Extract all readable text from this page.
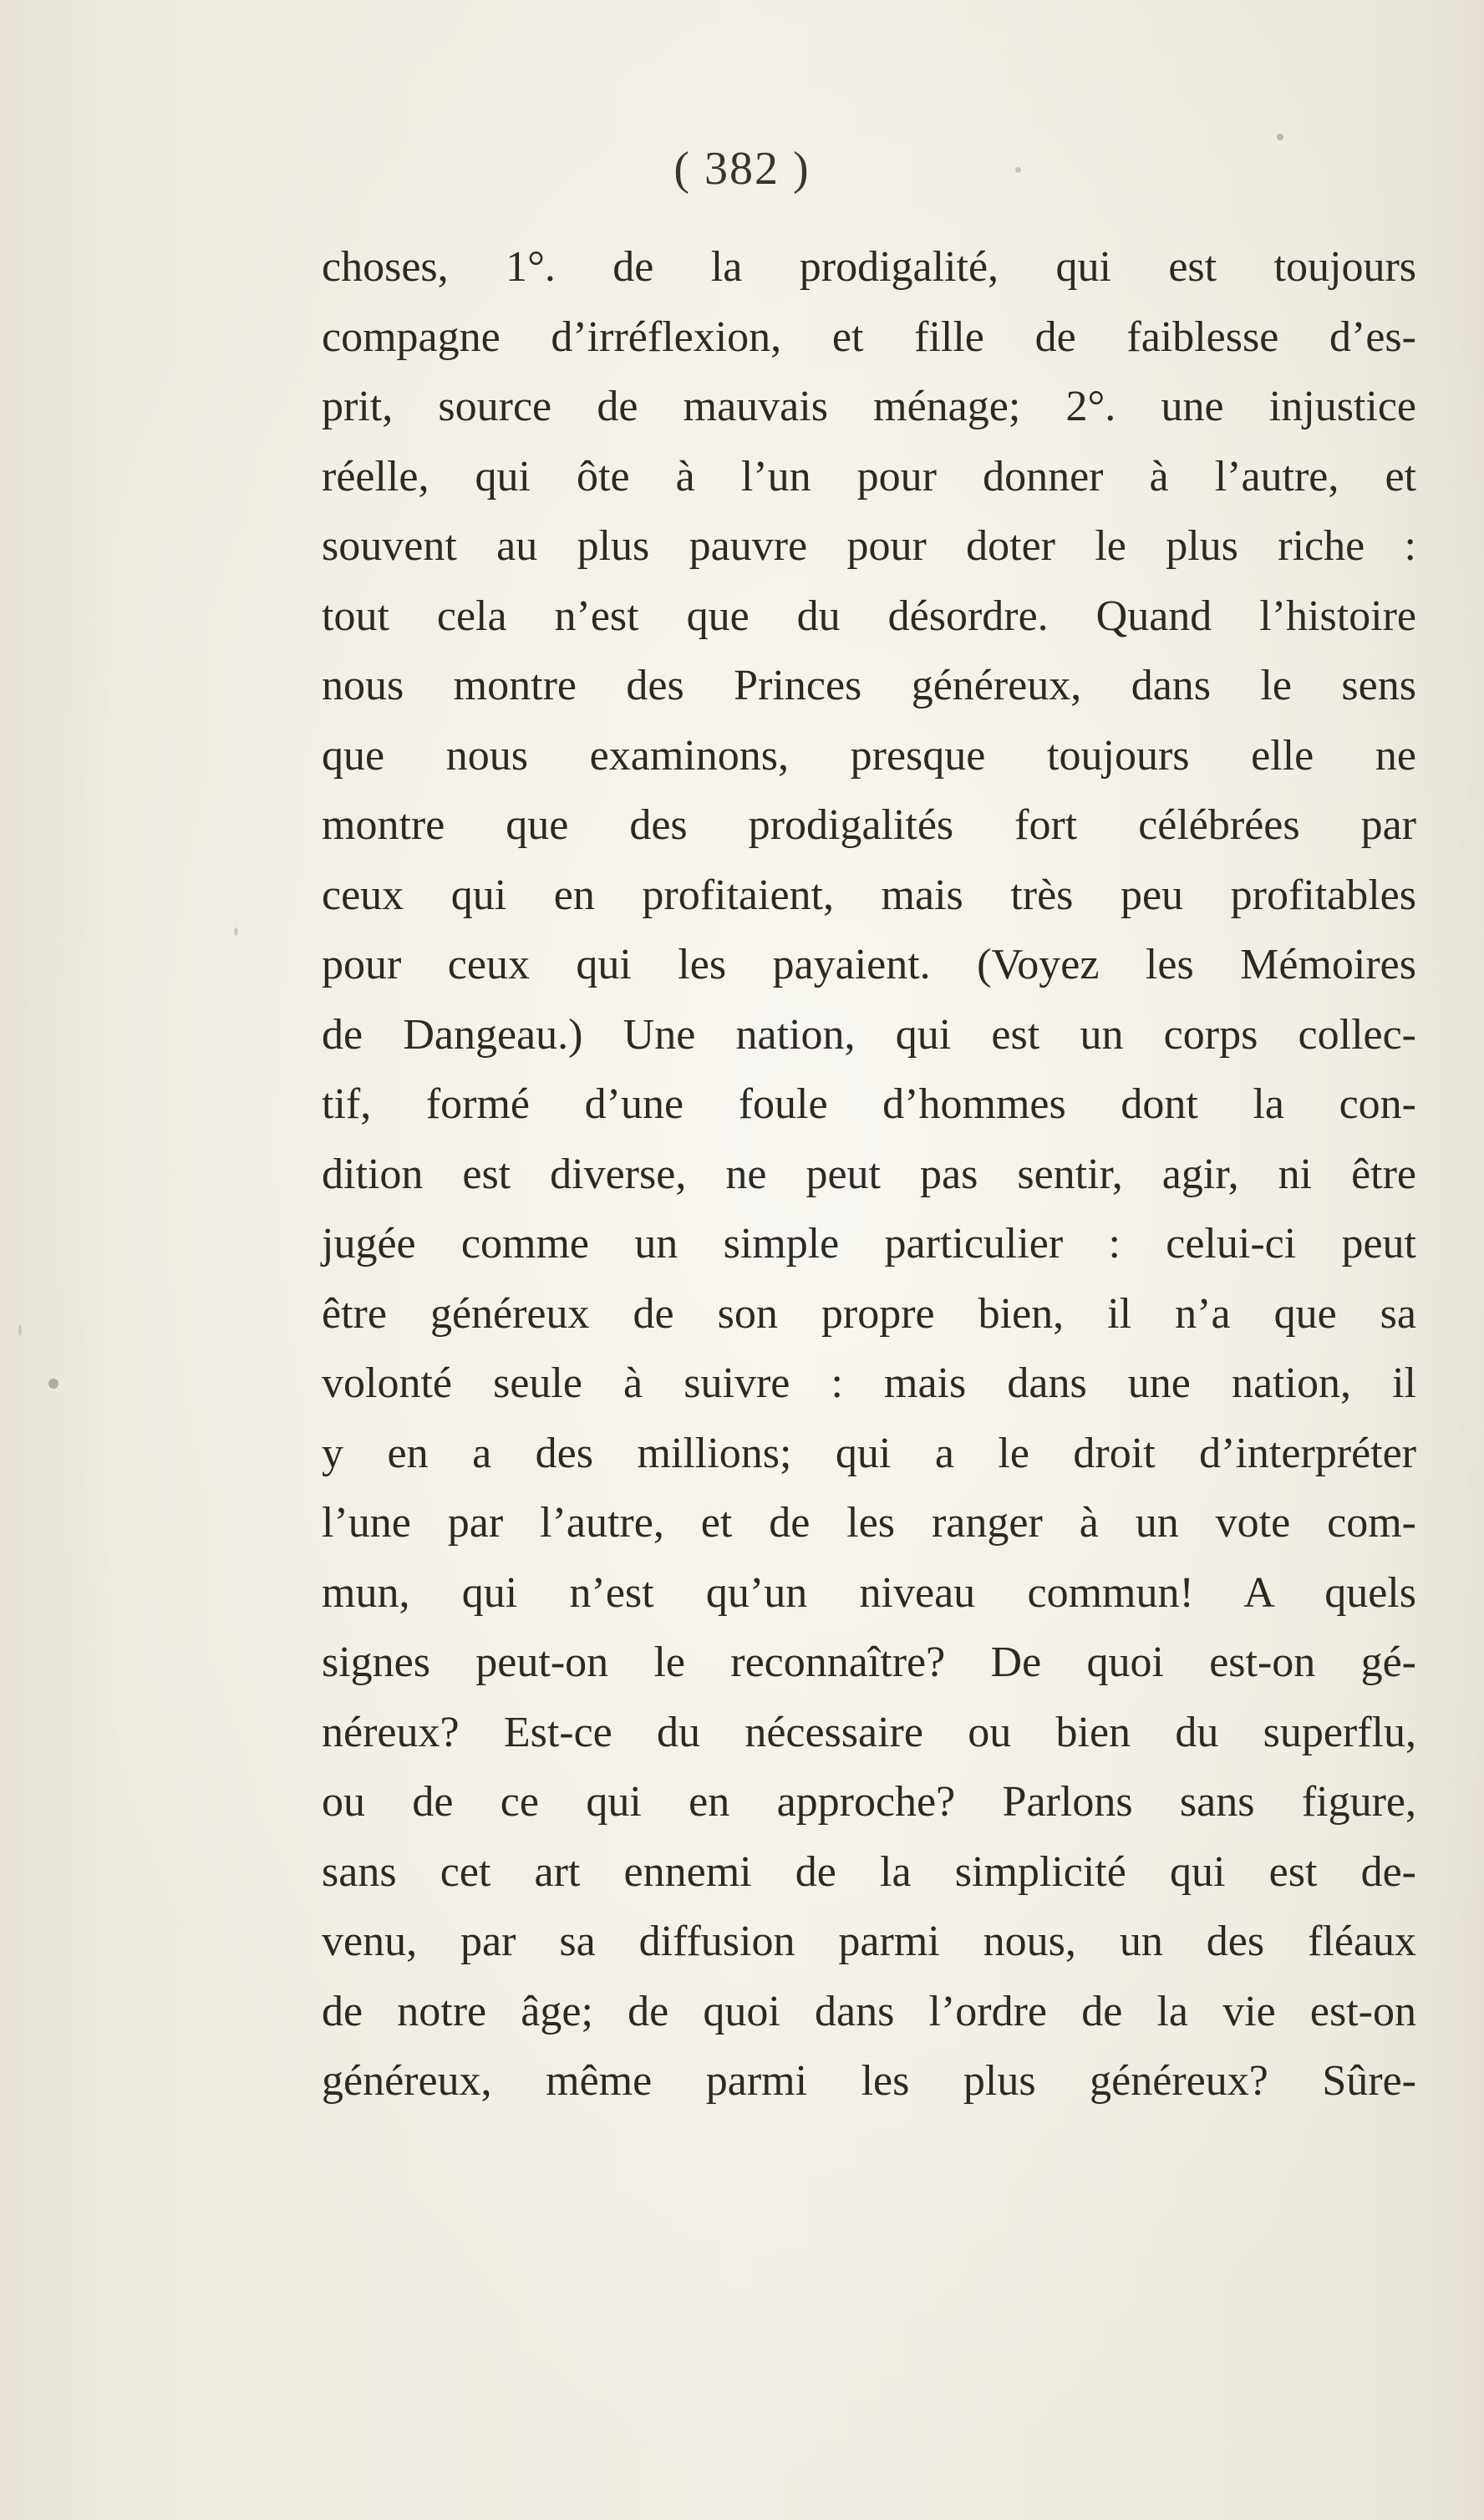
( 382 )
choses, 1°. de la prodigalité, qui est toujours
compagne d’irréflexion, et fille de faiblesse d’es-
prit, source de mauvais ménage; 2°. une injustice
réelle, qui ôte à l’un pour donner à l’autre, et
souvent au plus pauvre pour doter le plus riche :
tout cela n’est que du désordre. Quand l’histoire
nous montre des Princes généreux, dans le sens
que nous examinons, presque toujours elle ne
montre que des prodigalités fort célébrées par
ceux qui en profitaient, mais très peu profitables
pour ceux qui les payaient. (Voyez les Mémoires
de Dangeau.) Une nation, qui est un corps collec-
tif, formé d’une foule d’hommes dont la con-
dition est diverse, ne peut pas sentir, agir, ni être
jugée comme un simple particulier : celui-ci peut
être généreux de son propre bien, il n’a que sa
volonté seule à suivre : mais dans une nation, il
y en a des millions; qui a le droit d’interpréter
l’une par l’autre, et de les ranger à un vote com-
mun, qui n’est qu’un niveau commun! A quels
signes peut-on le reconnaître? De quoi est-on gé-
néreux? Est-ce du nécessaire ou bien du superflu,
ou de ce qui en approche? Parlons sans figure,
sans cet art ennemi de la simplicité qui est de-
venu, par sa diffusion parmi nous, un des fléaux
de notre âge; de quoi dans l’ordre de la vie est-on
généreux, même parmi les plus généreux? Sûre-
